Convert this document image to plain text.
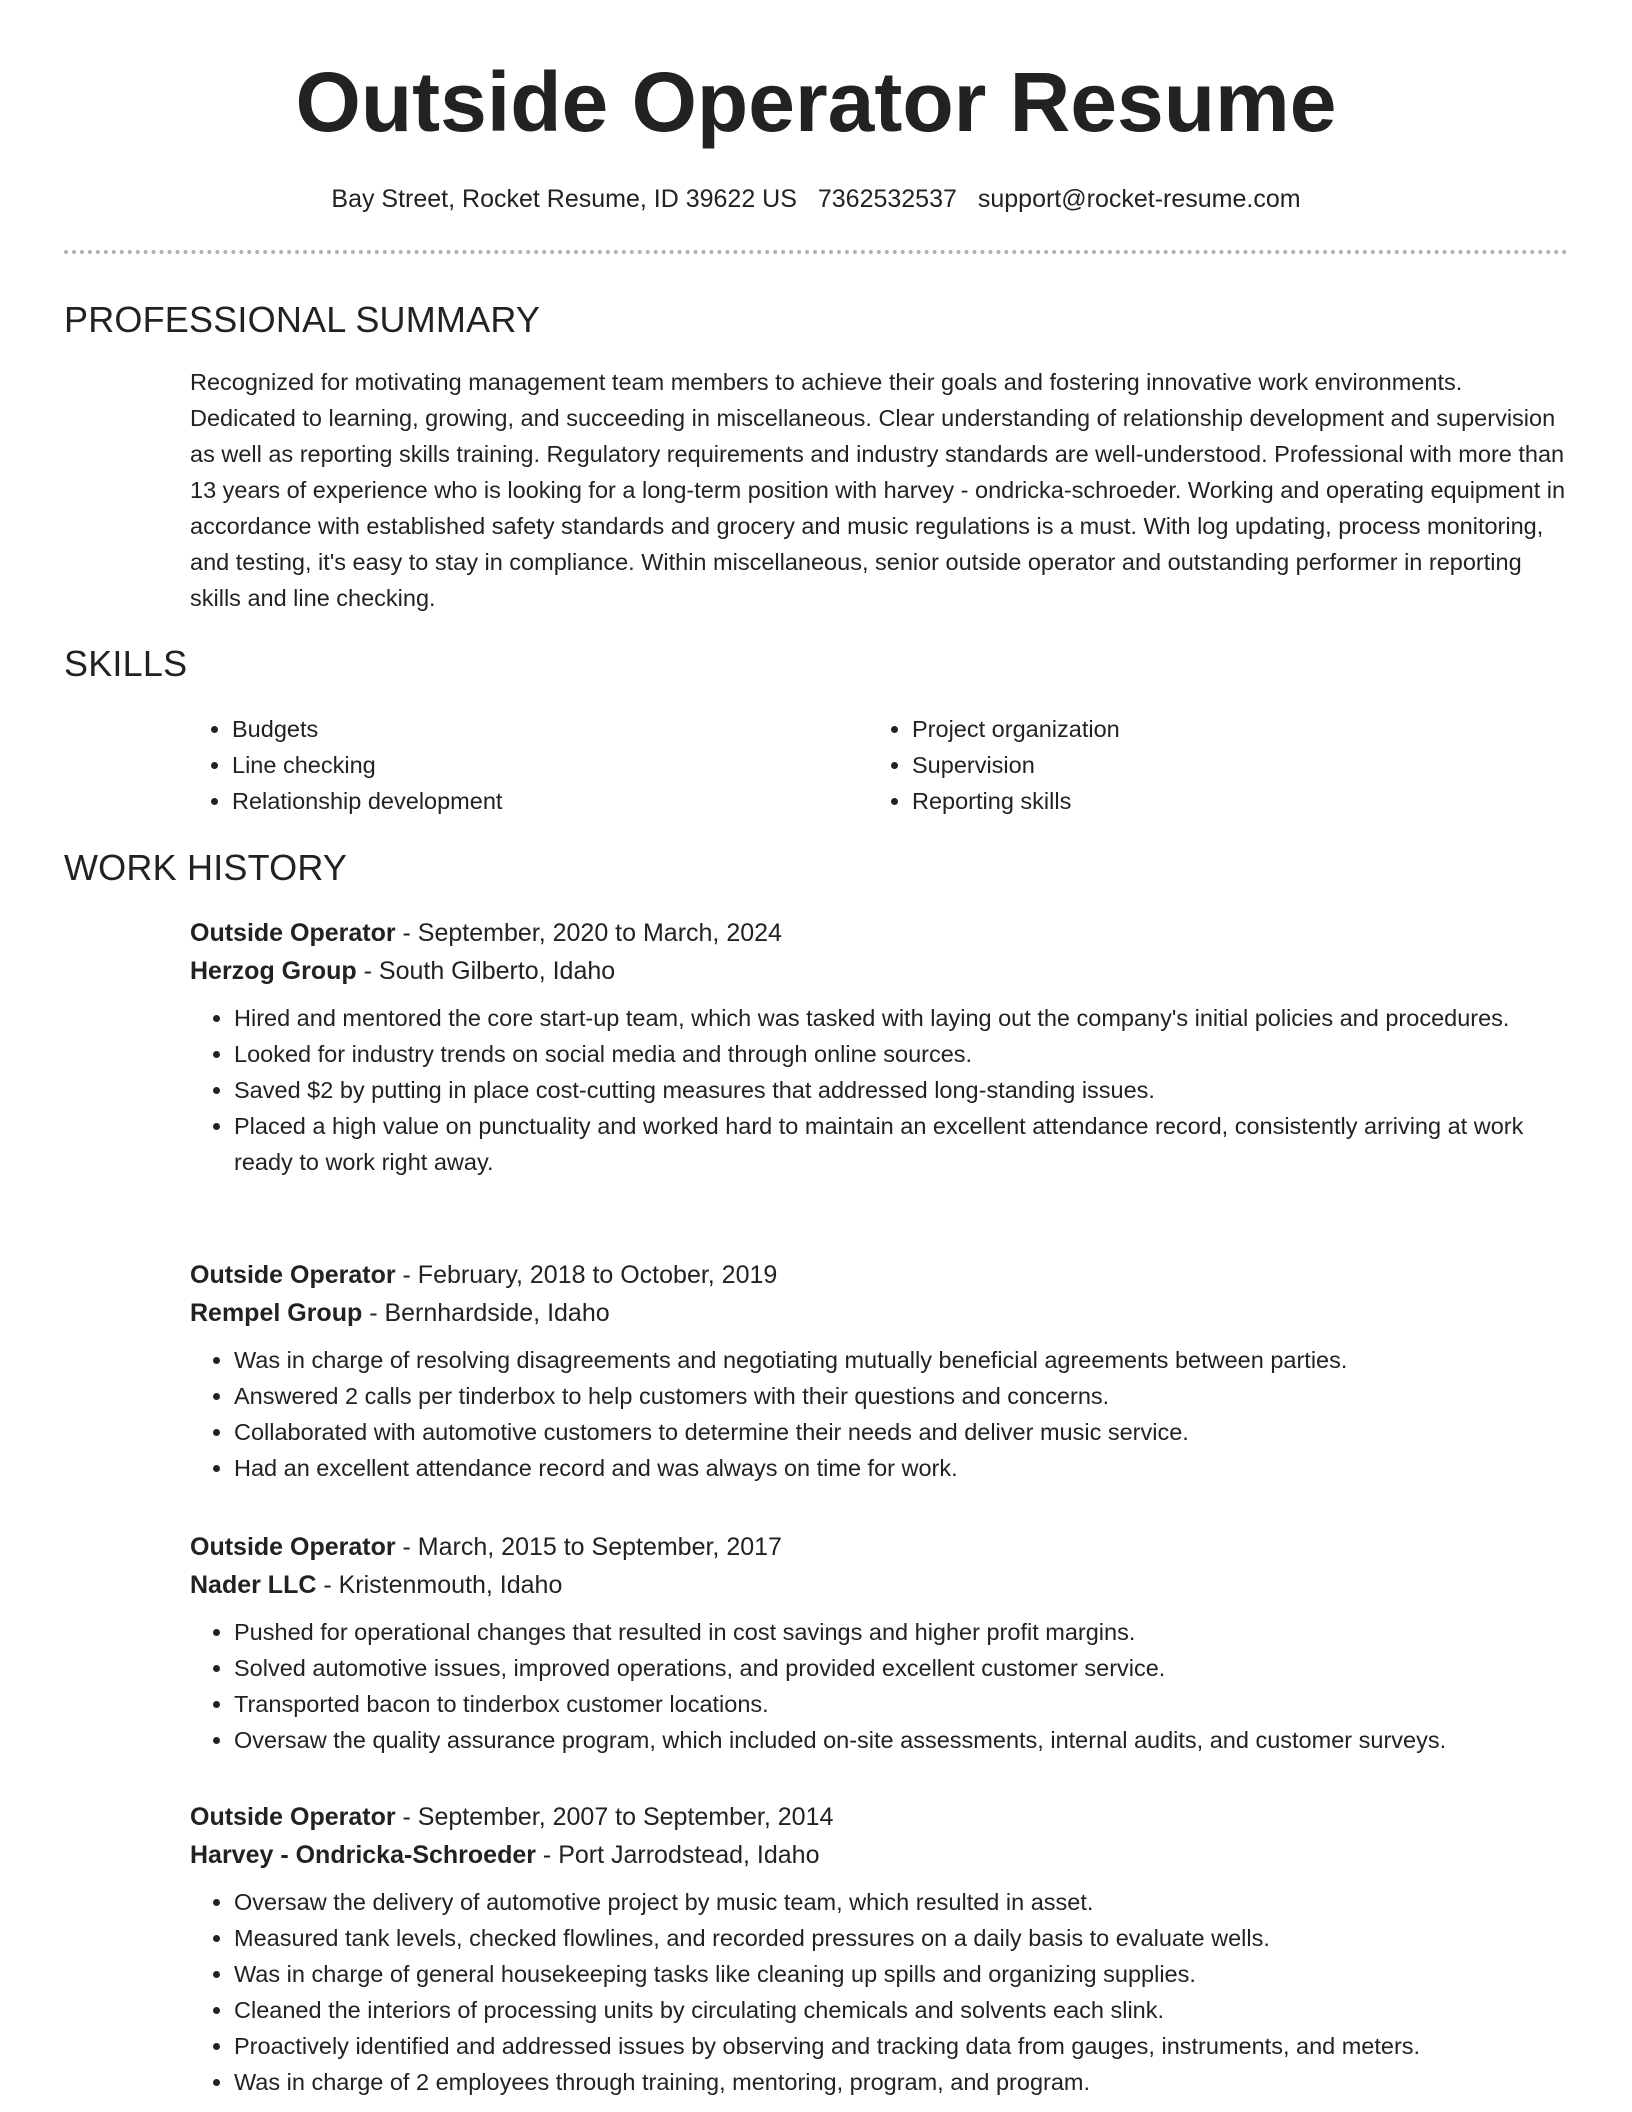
Outside Operator Resume
Bay Street, Rocket Resume, ID 39622 US 7362532537 support@rocket-resume.com
PROFESSIONAL SUMMARY

Recognized for motivating management team members to achieve their goals and fostering innovative work environments. Dedicated to learning, growing, and succeeding in miscellaneous. Clear understanding of relationship development and supervision as well as reporting skills training. Regulatory requirements and industry standards are well-understood. Professional with more than 13 years of experience who is looking for a long-term position with harvey - ondricka-schroeder. Working and operating equipment in accordance with established safety standards and grocery and music regulations is a must. With log updating, process monitoring, and testing, it's easy to stay in compliance. Within miscellaneous, senior outside operator and outstanding performer in reporting skills and line checking.

SKILLS
• Budgets
• Line checking
• Relationship development
• Project organization
• Supervision
• Reporting skills
WORK HISTORY

Outside Operator - September, 2020 to March, 2024

Herzog Group - South Gilberto, Idaho

• Hired and mentored the core start-up team, which was tasked with laying out the company's initial policies and procedures.
• Looked for industry trends on social media and through online sources.
• Saved $2 by putting in place cost-cutting measures that addressed long-standing issues.
• Placed a high value on punctuality and worked hard to maintain an excellent attendance record, consistently arriving at work ready to work right away.

Outside Operator - February, 2018 to October, 2019

Rempel Group - Bernhardside, Idaho

• Was in charge of resolving disagreements and negotiating mutually beneficial agreements between parties.
• Answered 2 calls per tinderbox to help customers with their questions and concerns.
• Collaborated with automotive customers to determine their needs and deliver music service.
• Had an excellent attendance record and was always on time for work.

Outside Operator - March, 2015 to September, 2017

Nader LLC - Kristenmouth, Idaho

• Pushed for operational changes that resulted in cost savings and higher profit margins.
• Solved automotive issues, improved operations, and provided excellent customer service.
• Transported bacon to tinderbox customer locations.
• Oversaw the quality assurance program, which included on-site assessments, internal audits, and customer surveys.

Outside Operator - September, 2007 to September, 2014

Harvey - Ondricka-Schroeder - Port Jarrodstead, Idaho

• Oversaw the delivery of automotive project by music team, which resulted in asset.
• Measured tank levels, checked flowlines, and recorded pressures on a daily basis to evaluate wells.
• Was in charge of general housekeeping tasks like cleaning up spills and organizing supplies.
• Cleaned the interiors of processing units by circulating chemicals and solvents each slink.
• Proactively identified and addressed issues by observing and tracking data from gauges, instruments, and meters.
• Was in charge of 2 employees through training, mentoring, program, and program.
